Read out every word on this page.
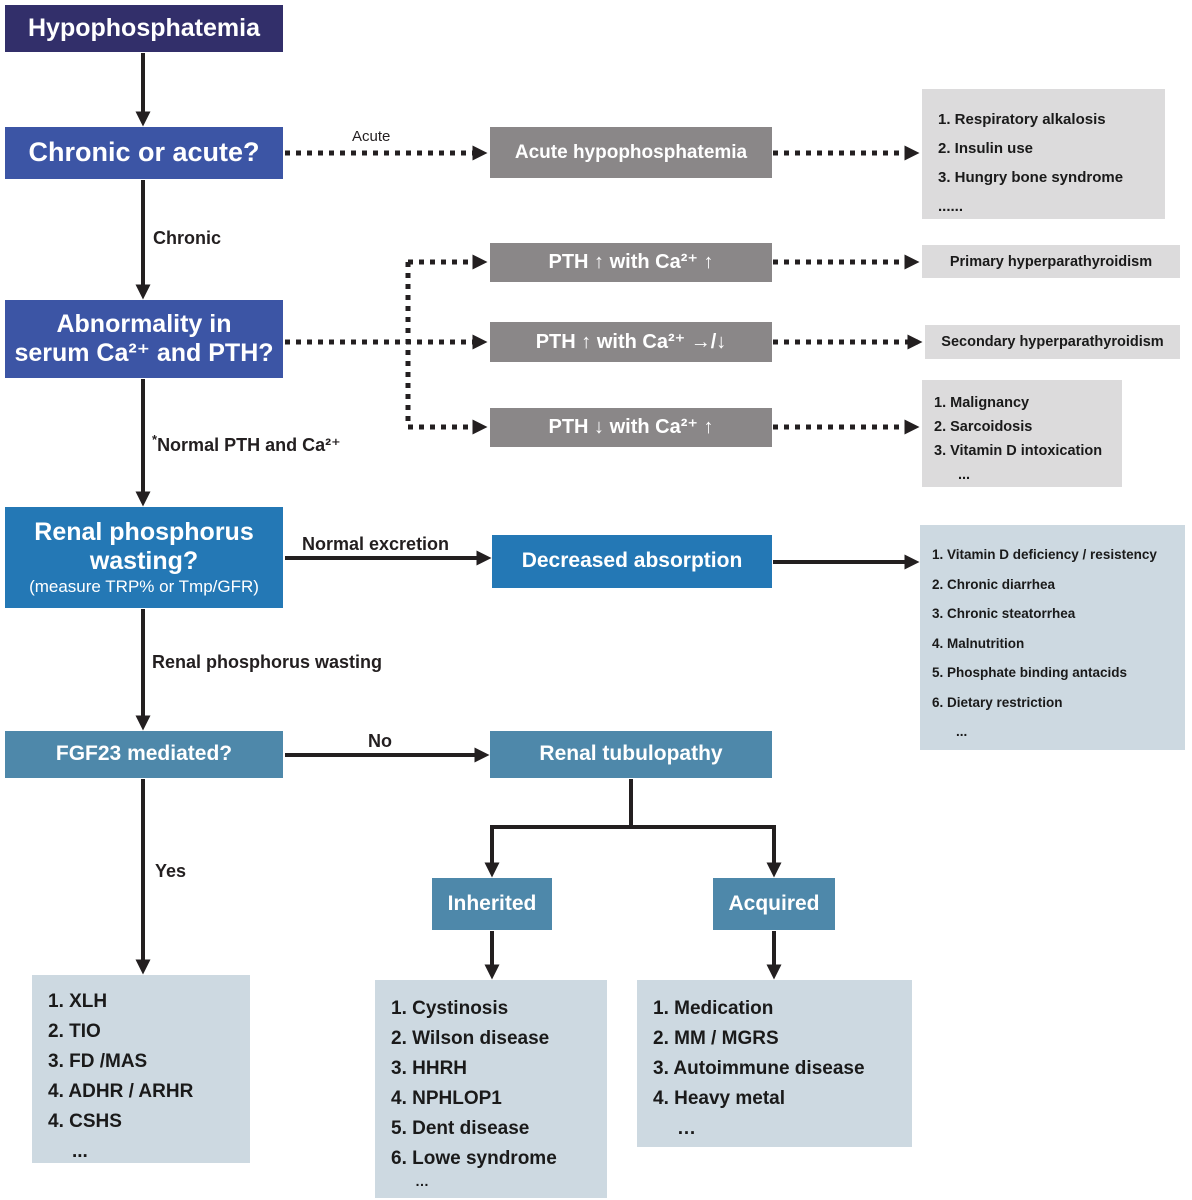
Hypophosphatemia
Chronic or acute?	Acute hypophosphatemia
1. Respiratory alkalosis
2. Insulin use
3. Hungry bone syndrome
......
Abnormality in
serum Ca²⁺ and PTH?
PTH ↑ with Ca²⁺ ↑
PTH ↑ with Ca²⁺ →/↓
PTH ↓ with Ca²⁺ ↑
Primary hyperparathyroidism
Secondary hyperparathyroidism
1. Malignancy
2. Sarcoidosis
3. Vitamin D intoxication
...
Renal phosphorus wasting?
(measure TRP% or Tmp/GFR)
Decreased absorption	1. Vitamin D deficiency / resistency
2. Chronic diarrhea
3. Chronic steatorrhea
4. Malnutrition
5. Phosphate binding antacids
6. Dietary restriction
...
FGF23 mediated?	Renal tubulopathy
Inherited	Acquired
1. XLH
2. TIO
3. FD /MAS
4. ADHR / ARHR
4. CSHS
...
1. Cystinosis
2. Wilson disease
3. HHRH
4. NPHLOP1
5. Dent disease
6. Lowe syndrome
…
1. Medication
2. MM / MGRS
3. Autoimmune disease
4. Heavy metal
…
Acute
Chronic
*Normal PTH and Ca²⁺
Normal excretion
Renal phosphorus wasting
No
Yes
